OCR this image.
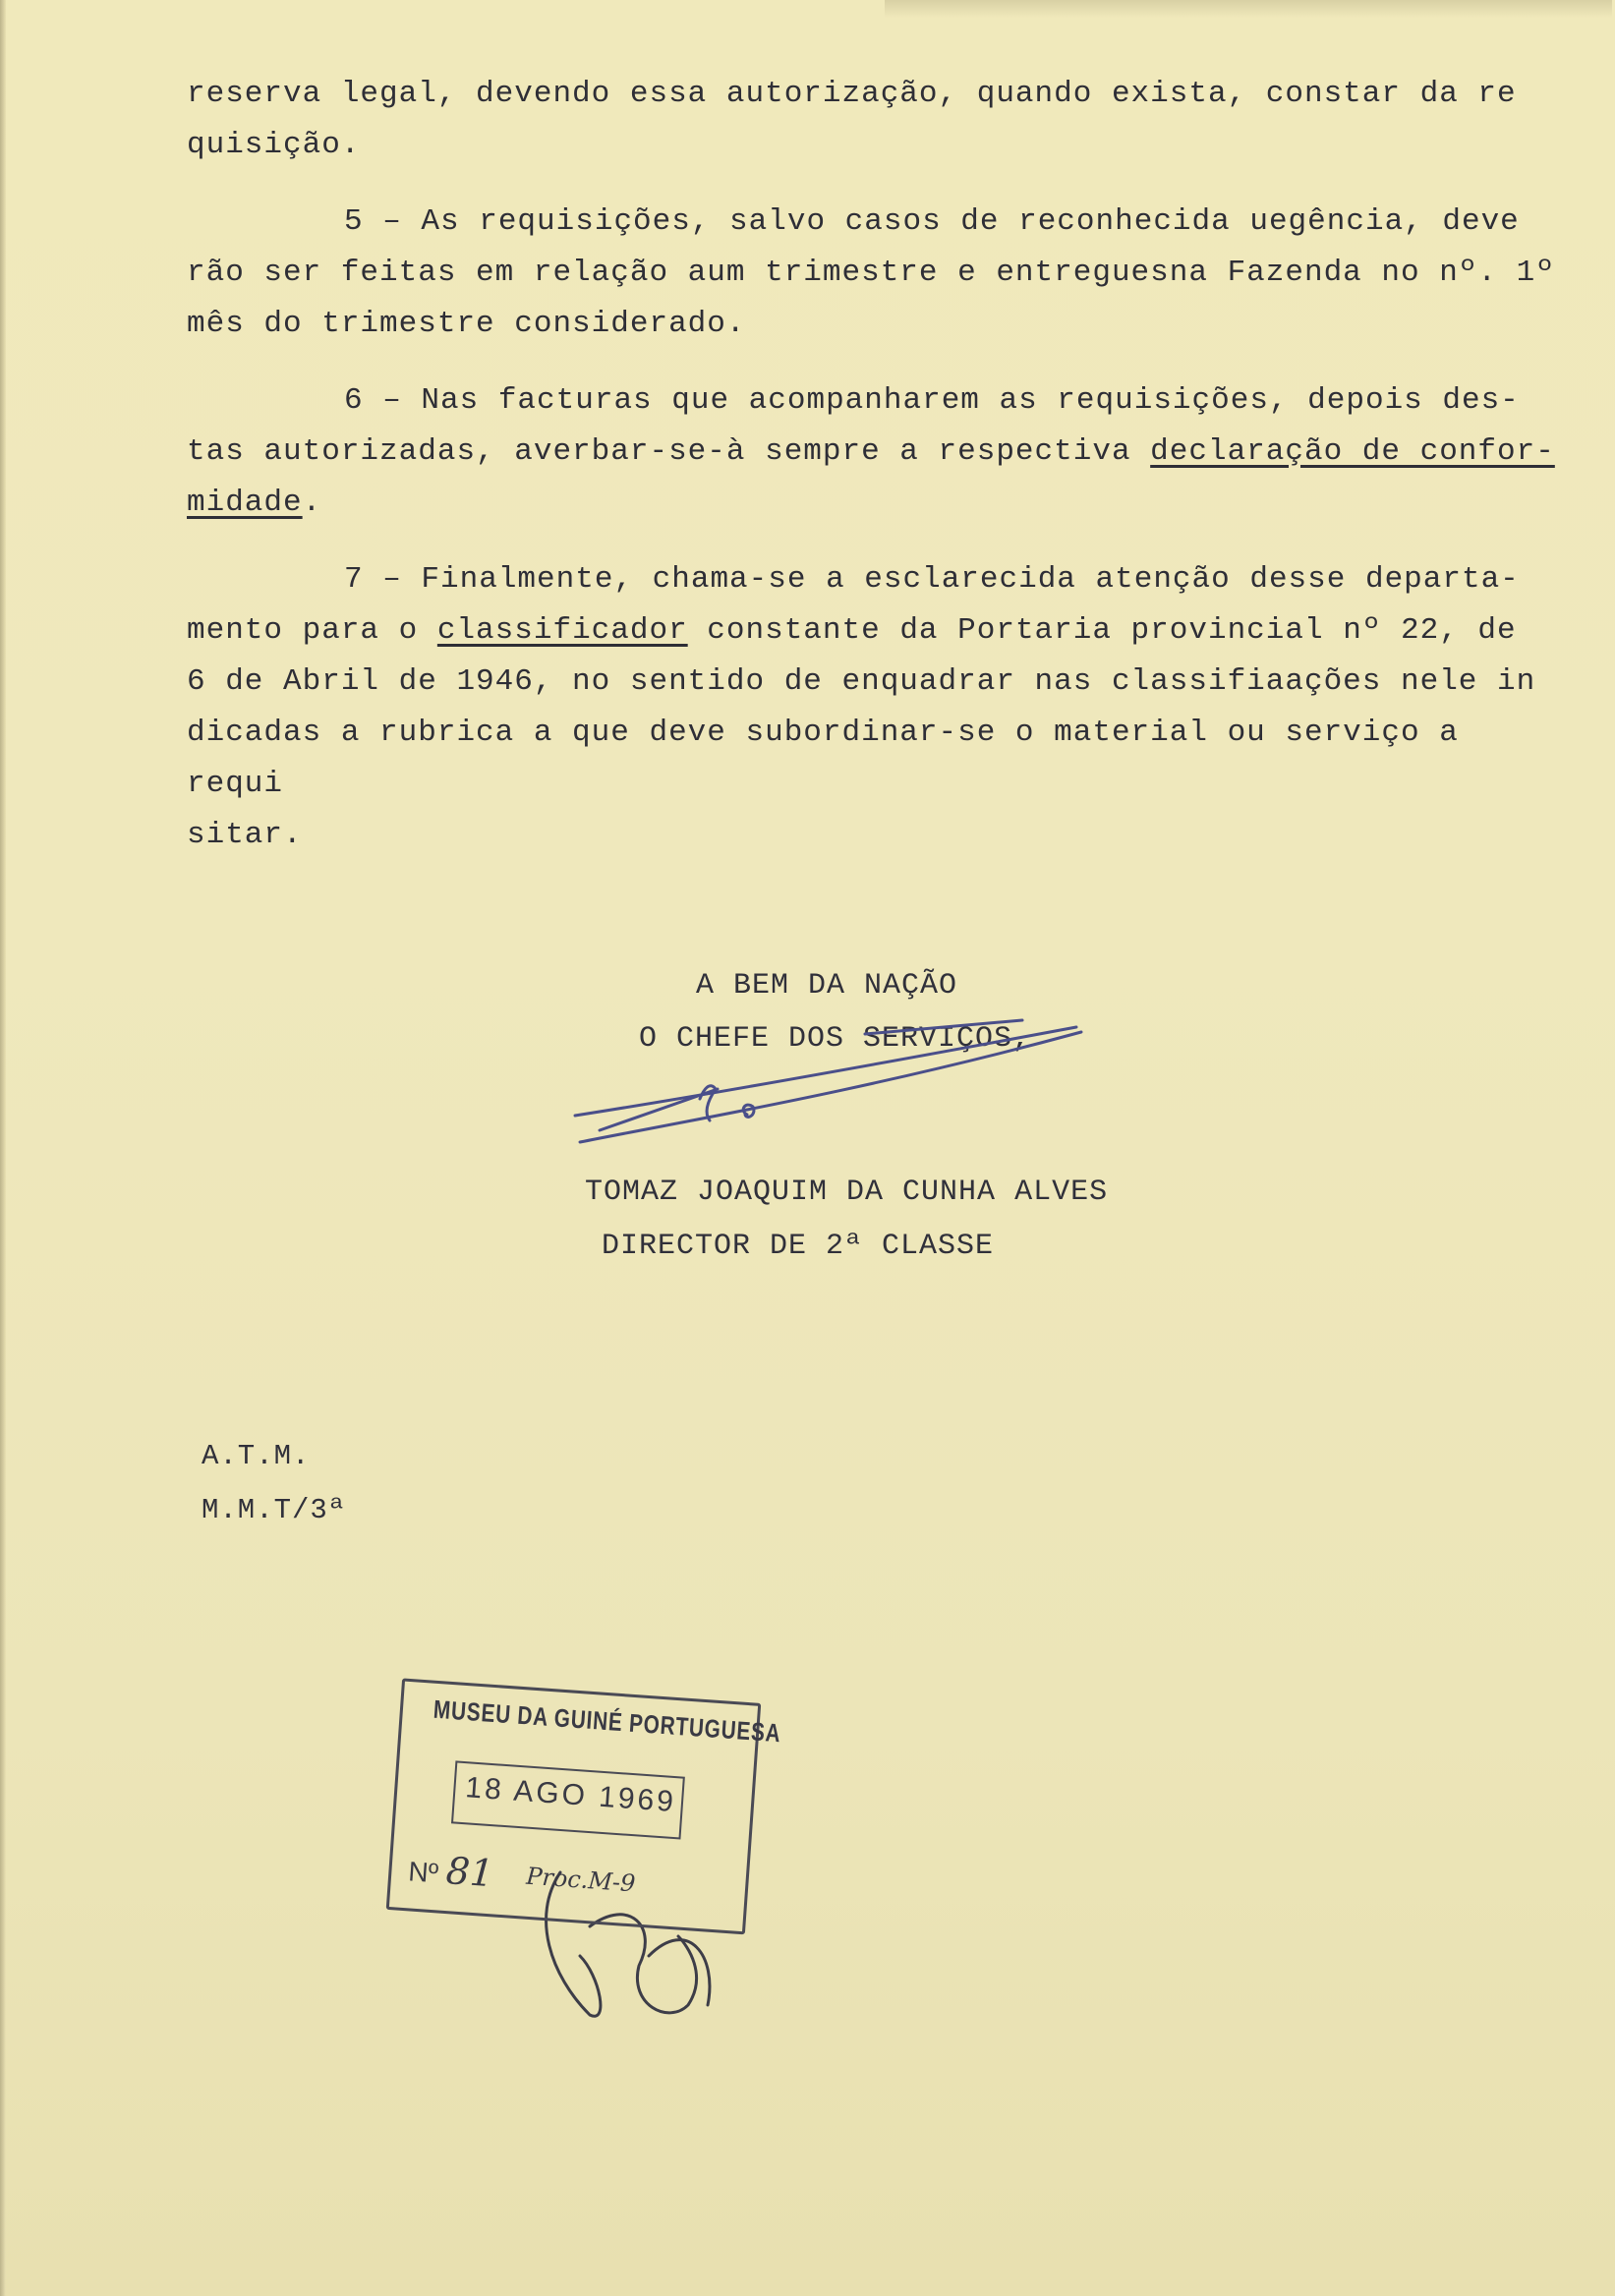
reserva legal, devendo essa autorização, quando exista, constar da re

quisição.

5 – As requisições, salvo casos de reconhecida uegência, deve

rão ser feitas em relação aum trimestre e entreguesna Fazenda no nº. 1º

mês do trimestre considerado.

6 – Nas facturas que acompanharem as requisições, depois des-

tas autorizadas, averbar-se-à sempre a respectiva declaração de confor-

midade.

7 – Finalmente, chama-se a esclarecida atenção desse departa-

mento para o classificador constante da Portaria provincial nº 22, de

6 de Abril de 1946, no sentido de enquadrar nas classifiaações nele in

dicadas a rubrica a que deve subordinar-se o material ou serviço a requi

sitar.

A BEM DA NAÇÃO
O CHEFE DOS SERVIÇOS,
TOMAZ JOAQUIM DA CUNHA ALVES
DIRECTOR DE 2ª CLASSE
A.T.M.
M.M.T/3ª
MUSEU DA GUINÉ PORTUGUESA
18 AGO 1969
Nº 81 Proc.M-9
